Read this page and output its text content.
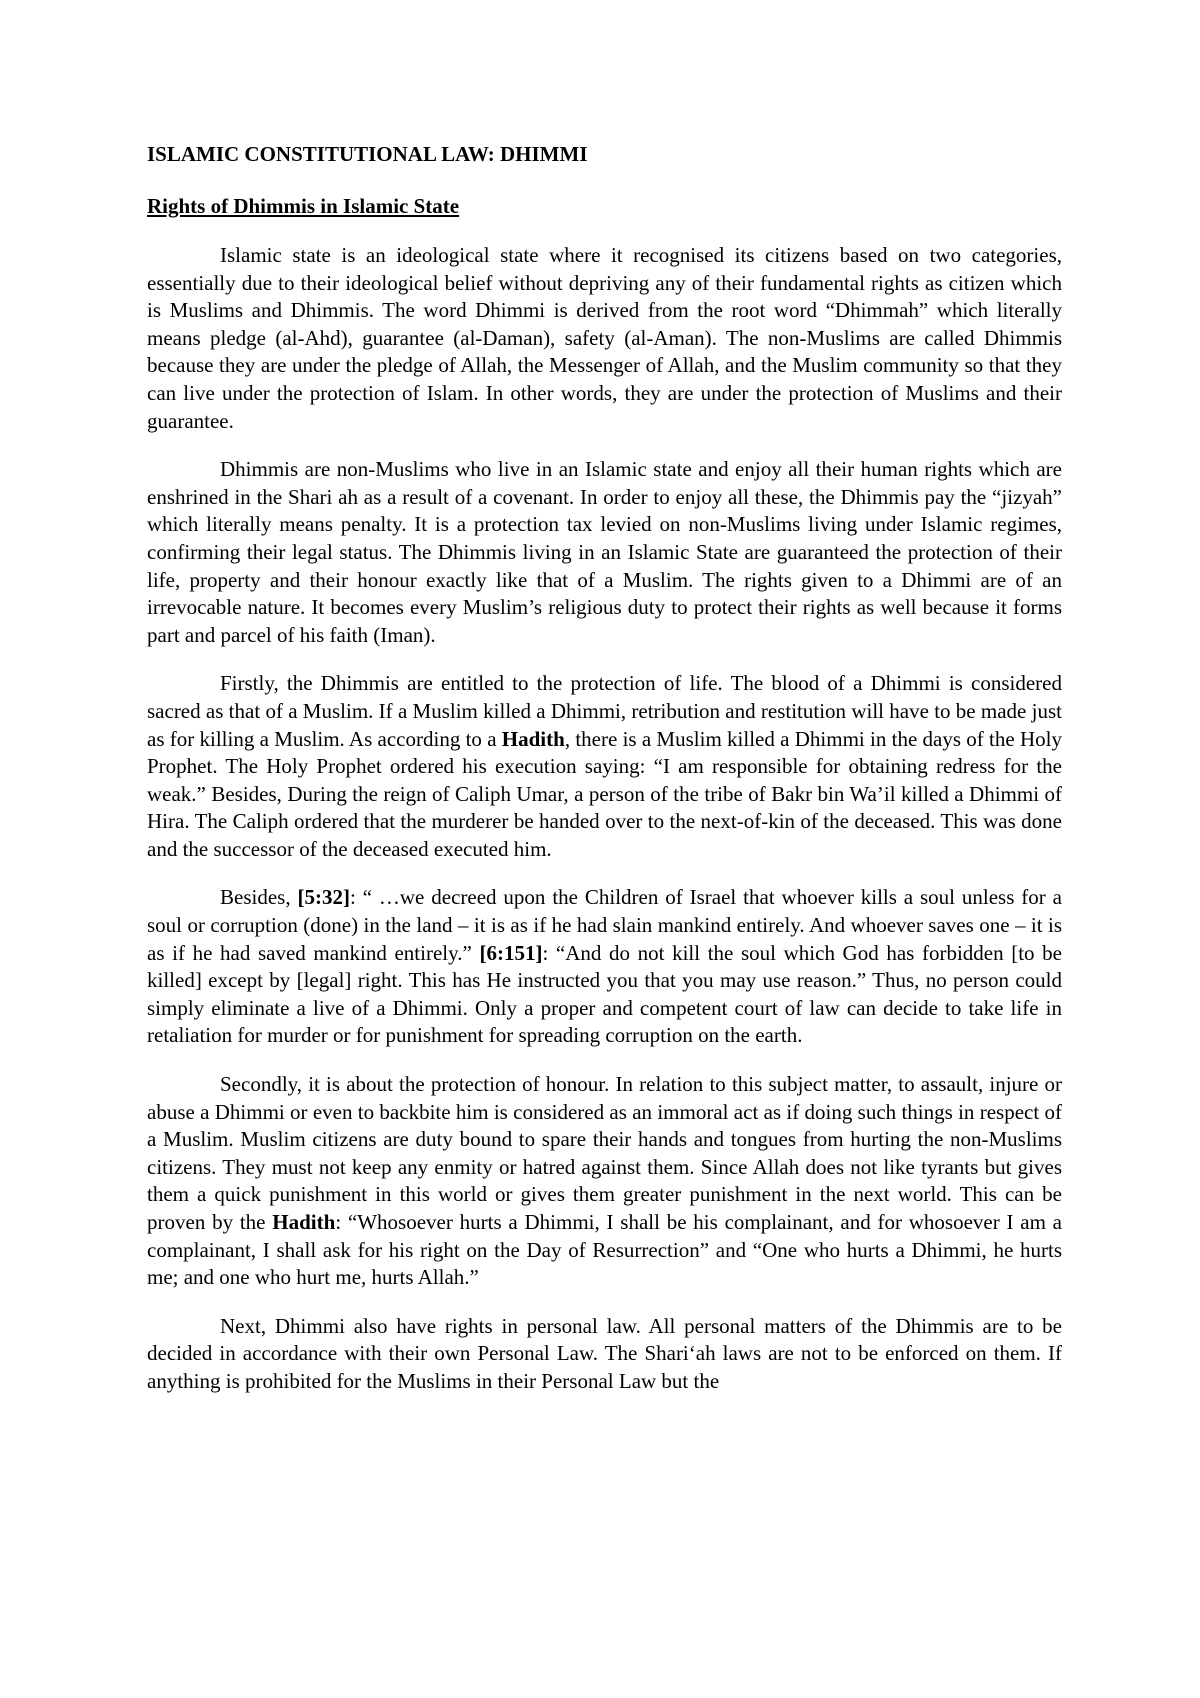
ISLAMIC CONSTITUTIONAL LAW: DHIMMI
Rights of Dhimmis in Islamic State

Islamic state is an ideological state where it recognised its citizens based on two categories, essentially due to their ideological belief without depriving any of their fundamental rights as citizen which is Muslims and Dhimmis. The word Dhimmi is derived from the root word “Dhimmah” which literally means pledge (al-Ahd), guarantee (al-Daman), safety (al-Aman). The non-Muslims are called Dhimmis because they are under the pledge of Allah, the Messenger of Allah, and the Muslim community so that they can live under the protection of Islam. In other words, they are under the protection of Muslims and their guarantee.

Dhimmis are non-Muslims who live in an Islamic state and enjoy all their human rights which are enshrined in the Shari ah as a result of a covenant. In order to enjoy all these, the Dhimmis pay the “jizyah” which literally means penalty. It is a protection tax levied on non-Muslims living under Islamic regimes, confirming their legal status. The Dhimmis living in an Islamic State are guaranteed the protection of their life, property and their honour exactly like that of a Muslim. The rights given to a Dhimmi are of an irrevocable nature. It becomes every Muslim’s religious duty to protect their rights as well because it forms part and parcel of his faith (Iman).

Firstly, the Dhimmis are entitled to the protection of life. The blood of a Dhimmi is considered sacred as that of a Muslim. If a Muslim killed a Dhimmi, retribution and restitution will have to be made just as for killing a Muslim. As according to a Hadith, there is a Muslim killed a Dhimmi in the days of the Holy Prophet. The Holy Prophet ordered his execution saying: “I am responsible for obtaining redress for the weak.” Besides, During the reign of Caliph Umar, a person of the tribe of Bakr bin Wa’il killed a Dhimmi of Hira. The Caliph ordered that the murderer be handed over to the next-of-kin of the deceased. This was done and the successor of the deceased executed him.

Besides, [5:32]: “ …we decreed upon the Children of Israel that whoever kills a soul unless for a soul or corruption (done) in the land – it is as if he had slain mankind entirely. And whoever saves one – it is as if he had saved mankind entirely.” [6:151]: “And do not kill the soul which God has forbidden [to be killed] except by [legal] right. This has He instructed you that you may use reason.” Thus, no person could simply eliminate a live of a Dhimmi. Only a proper and competent court of law can decide to take life in retaliation for murder or for punishment for spreading corruption on the earth.

Secondly, it is about the protection of honour. In relation to this subject matter, to assault, injure or abuse a Dhimmi or even to backbite him is considered as an immoral act as if doing such things in respect of a Muslim. Muslim citizens are duty bound to spare their hands and tongues from hurting the non-Muslims citizens. They must not keep any enmity or hatred against them. Since Allah does not like tyrants but gives them a quick punishment in this world or gives them greater punishment in the next world. This can be proven by the Hadith: “Whosoever hurts a Dhimmi, I shall be his complainant, and for whosoever I am a complainant, I shall ask for his right on the Day of Resurrection” and “One who hurts a Dhimmi, he hurts me; and one who hurt me, hurts Allah.”

Next, Dhimmi also have rights in personal law. All personal matters of the Dhimmis are to be decided in accordance with their own Personal Law. The Shari‘ah laws are not to be enforced on them. If anything is prohibited for the Muslims in their Personal Law but the
